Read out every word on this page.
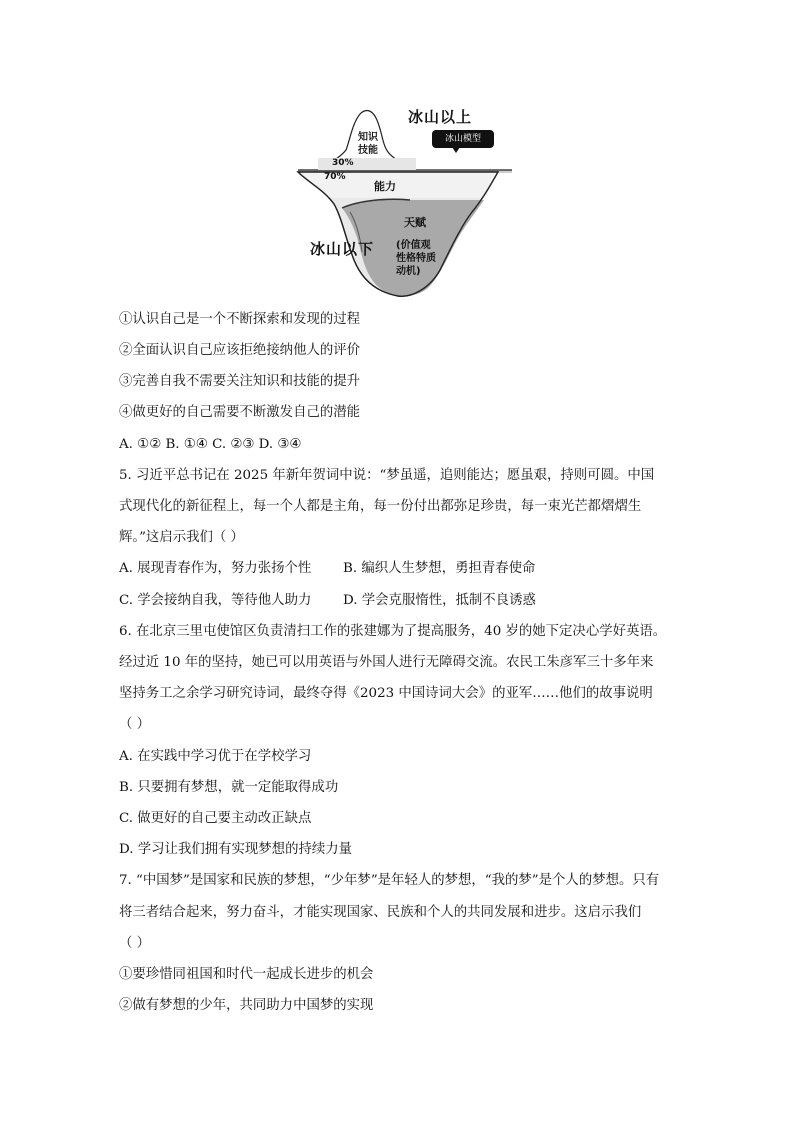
冰山以上
冰山模型
知识
技能
30%
70%
能力
天赋
(价值观
性格特质
动机)
冰山以下
①认识自己是一个不断探索和发现的过程
②全面认识自己应该拒绝接纳他人的评价
③完善自我不需要关注知识和技能的提升
④做更好的自己需要不断激发自己的潜能
A. ①② B. ①④ C. ②③ D. ③④
5. 习近平总书记在 2025 年新年贺词中说：“梦虽遥，追则能达；愿虽艰，持则可圆。中国
式现代化的新征程上，每一个人都是主角，每一份付出都弥足珍贵，每一束光芒都熠熠生
辉。”这启示我们（ ）
A. 展现青春作为，努力张扬个性 B. 编织人生梦想，勇担青春使命
C. 学会接纳自我，等待他人助力 D. 学会克服惰性，抵制不良诱惑
6. 在北京三里屯使馆区负责清扫工作的张建娜为了提高服务，40 岁的她下定决心学好英语。
经过近 10 年的坚持，她已可以用英语与外国人进行无障碍交流。农民工朱彦军三十多年来
坚持务工之余学习研究诗词，最终夺得《2023 中国诗词大会》的亚军……他们的故事说明
（ ）
A. 在实践中学习优于在学校学习
B. 只要拥有梦想，就一定能取得成功
C. 做更好的自己要主动改正缺点
D. 学习让我们拥有实现梦想的持续力量
7. “中国梦”是国家和民族的梦想，“少年梦”是年轻人的梦想，“我的梦”是个人的梦想。只有
将三者结合起来，努力奋斗，才能实现国家、民族和个人的共同发展和进步。这启示我们
（ ）
①要珍惜同祖国和时代一起成长进步的机会
②做有梦想的少年，共同助力中国梦的实现
